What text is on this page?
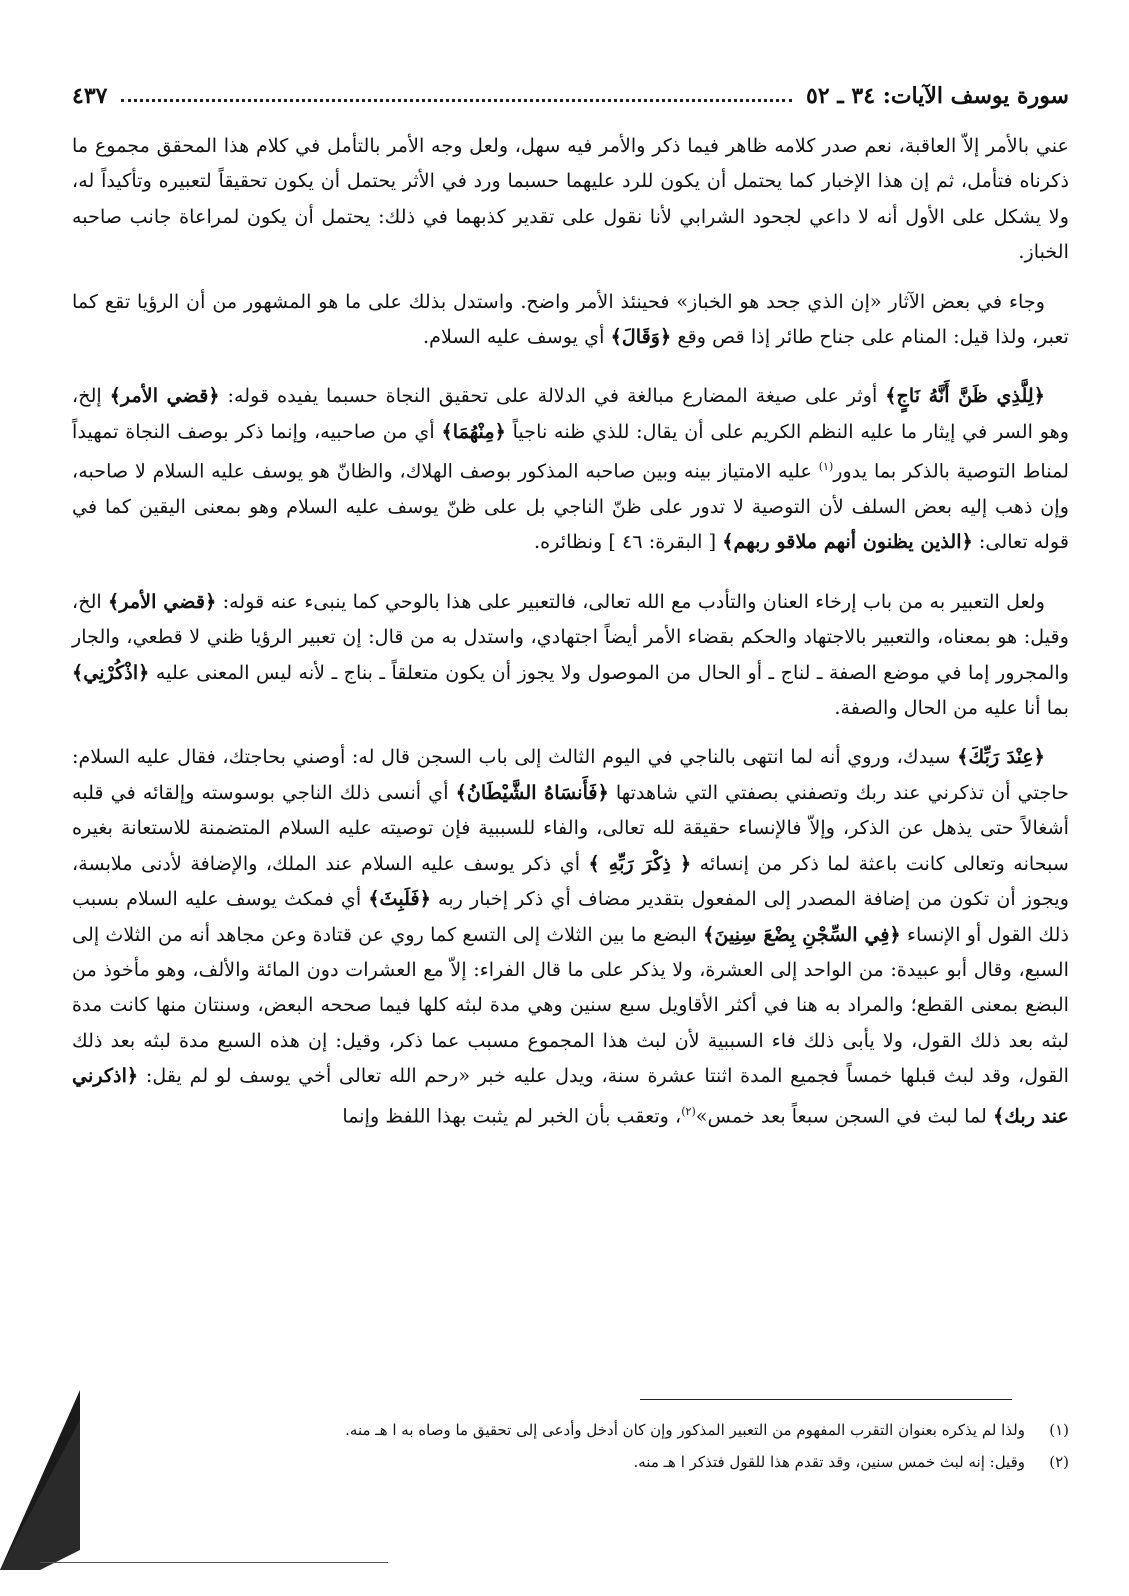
سورة يوسف الآيات: ٣٤ ـ ٥٢
٤٣٧

عني بالأمر إلاّ العاقبة، نعم صدر كلامه ظاهر فيما ذكر والأمر فيه سهل، ولعل وجه الأمر بالتأمل في كلام هذا المحقق مجموع ما ذكرناه فتأمل، ثم إن هذا الإخبار كما يحتمل أن يكون للرد عليهما حسبما ورد في الأثر يحتمل أن يكون تحقيقاً لتعبيره وتأكيداً له، ولا يشكل على الأول أنه لا داعي لجحود الشرابي لأنا نقول على تقدير كذبهما في ذلك: يحتمل أن يكون لمراعاة جانب صاحبه الخباز.

وجاء في بعض الآثار «إن الذي جحد هو الخباز» فحينئذ الأمر واضح. واستدل بذلك على ما هو المشهور من أن الرؤيا تقع كما تعبر، ولذا قيل: المنام على جناح طائر إذا قص وقع ﴿وَقَالَ﴾ أي يوسف عليه السلام.

﴿لِلَّذِي ظَنَّ أَنَّهُ نَاجٍ﴾ أوثر على صيغة المضارع مبالغة في الدلالة على تحقيق النجاة حسبما يفيده قوله: ﴿قضي الأمر﴾ إلخ، وهو السر في إيثار ما عليه النظم الكريم على أن يقال: للذي ظنه ناجياً ﴿مِنْهُمَا﴾ أي من صاحبيه، وإنما ذكر بوصف النجاة تمهيداً لمناط التوصية بالذكر بما يدور$^{(١)}$ عليه الامتياز بينه وبين صاحبه المذكور بوصف الهلاك، والظانّ هو يوسف عليه السلام لا صاحبه، وإن ذهب إليه بعض السلف لأن التوصية لا تدور على ظنّ الناجي بل على ظنّ يوسف عليه السلام وهو بمعنى اليقين كما في قوله تعالى: ﴿الذين يظنون أنهم ملاقو ربهم﴾ [ البقرة: ٤٦ ] ونظائره.

ولعل التعبير به من باب إرخاء العنان والتأدب مع الله تعالى، فالتعبير على هذا بالوحي كما ينبىء عنه قوله: ﴿قضي الأمر﴾ الخ، وقيل: هو بمعناه، والتعبير بالاجتهاد والحكم بقضاء الأمر أيضاً اجتهادي، واستدل به من قال: إن تعبير الرؤيا ظني لا قطعي، والجار والمجرور إما في موضع الصفة ـ لناج ـ أو الحال من الموصول ولا يجوز أن يكون متعلقاً ـ بناج ـ لأنه ليس المعنى عليه ﴿اذْكُرْنِي﴾ بما أنا عليه من الحال والصفة.

﴿عِنْدَ رَبِّكَ﴾ سيدك، وروي أنه لما انتهى بالناجي في اليوم الثالث إلى باب السجن قال له: أوصني بحاجتك، فقال عليه السلام: حاجتي أن تذكرني عند ربك وتصفني بصفتي التي شاهدتها ﴿فَأَنسَاهُ الشَّيْطَانُ﴾ أي أنسى ذلك الناجي بوسوسته وإلقائه في قلبه أشغالاً حتى يذهل عن الذكر، وإلاّ فالإنساء حقيقة لله تعالى، والفاء للسببية فإن توصيته عليه السلام المتضمنة للاستعانة بغيره سبحانه وتعالى كانت باعثة لما ذكر من إنسائه ﴿ ذِكْرَ رَبِّهِ ﴾ أي ذكر يوسف عليه السلام عند الملك، والإضافة لأدنى ملابسة، ويجوز أن تكون من إضافة المصدر إلى المفعول بتقدير مضاف أي ذكر إخبار ربه ﴿فَلَبِثَ﴾ أي فمكث يوسف عليه السلام بسبب ذلك القول أو الإنساء ﴿فِي السِّجْنِ بِضْعَ سِنِينَ﴾ البضع ما بين الثلاث إلى التسع كما روي عن قتادة وعن مجاهد أنه من الثلاث إلى السبع، وقال أبو عبيدة: من الواحد إلى العشرة، ولا يذكر على ما قال الفراء: إلاّ مع العشرات دون المائة والألف، وهو مأخوذ من البضع بمعنى القطع؛ والمراد به هنا في أكثر الأقاويل سبع سنين وهي مدة لبثه كلها فيما صححه البعض، وسنتان منها كانت مدة لبثه بعد ذلك القول، ولا يأبى ذلك فاء السببية لأن لبث هذا المجموع مسبب عما ذكر، وقيل: إن هذه السبع مدة لبثه بعد ذلك القول، وقد لبث قبلها خمساً فجميع المدة اثنتا عشرة سنة، ويدل عليه خبر «رحم الله تعالى أخي يوسف لو لم يقل: ﴿اذكرني عند ربك﴾ لما لبث في السجن سبعاً بعد خمس»$^{(٢)}$، وتعقب بأن الخبر لم يثبت بهذا اللفظ وإنما

(١)
ولذا لم يذكره بعنوان التقرب المفهوم من التعبير المذكور وإن كان أدخل وأدعى إلى تحقيق ما وصاه به ا هـ منه.
(٢)
وقيل: إنه لبث خمس سنين، وقد تقدم هذا للقول فتذكر ا هـ منه.
